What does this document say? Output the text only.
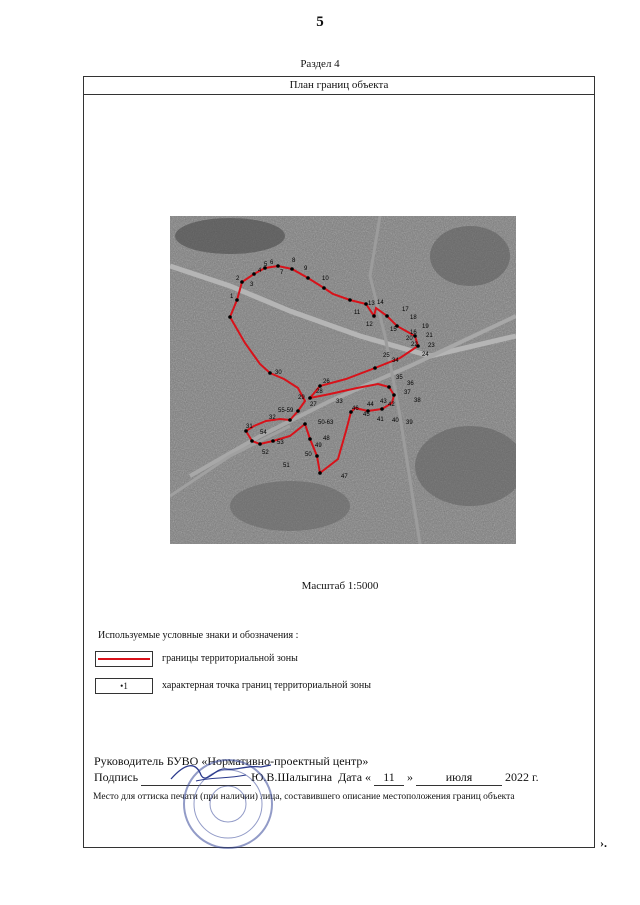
5
Раздел 4
План границ объекта
1
2
3
4
5 6
7
8
9
10
11
12
13 14
15 16
17
18
19
20 21
22 23
24
25
26
27
28
29
30
31
32
33
34
35
36
37
38
39
40
41
42
43
44
45
46
47
48
49
50
51
52
53
54
55-59
50-63
Масштаб 1:5000
Используемые условные знаки и обозначения :
границы территориальной зоны
•1	характерная точка границ территориальной зоны
Руководитель БУВО «Нормативно-проектный центр»
Подпись	Ю.В.Шалыгина Дата « 11 »	июля	2022 г.
Место для оттиска печати (при наличии) лица, составившего описание местоположения границ объекта
›.
